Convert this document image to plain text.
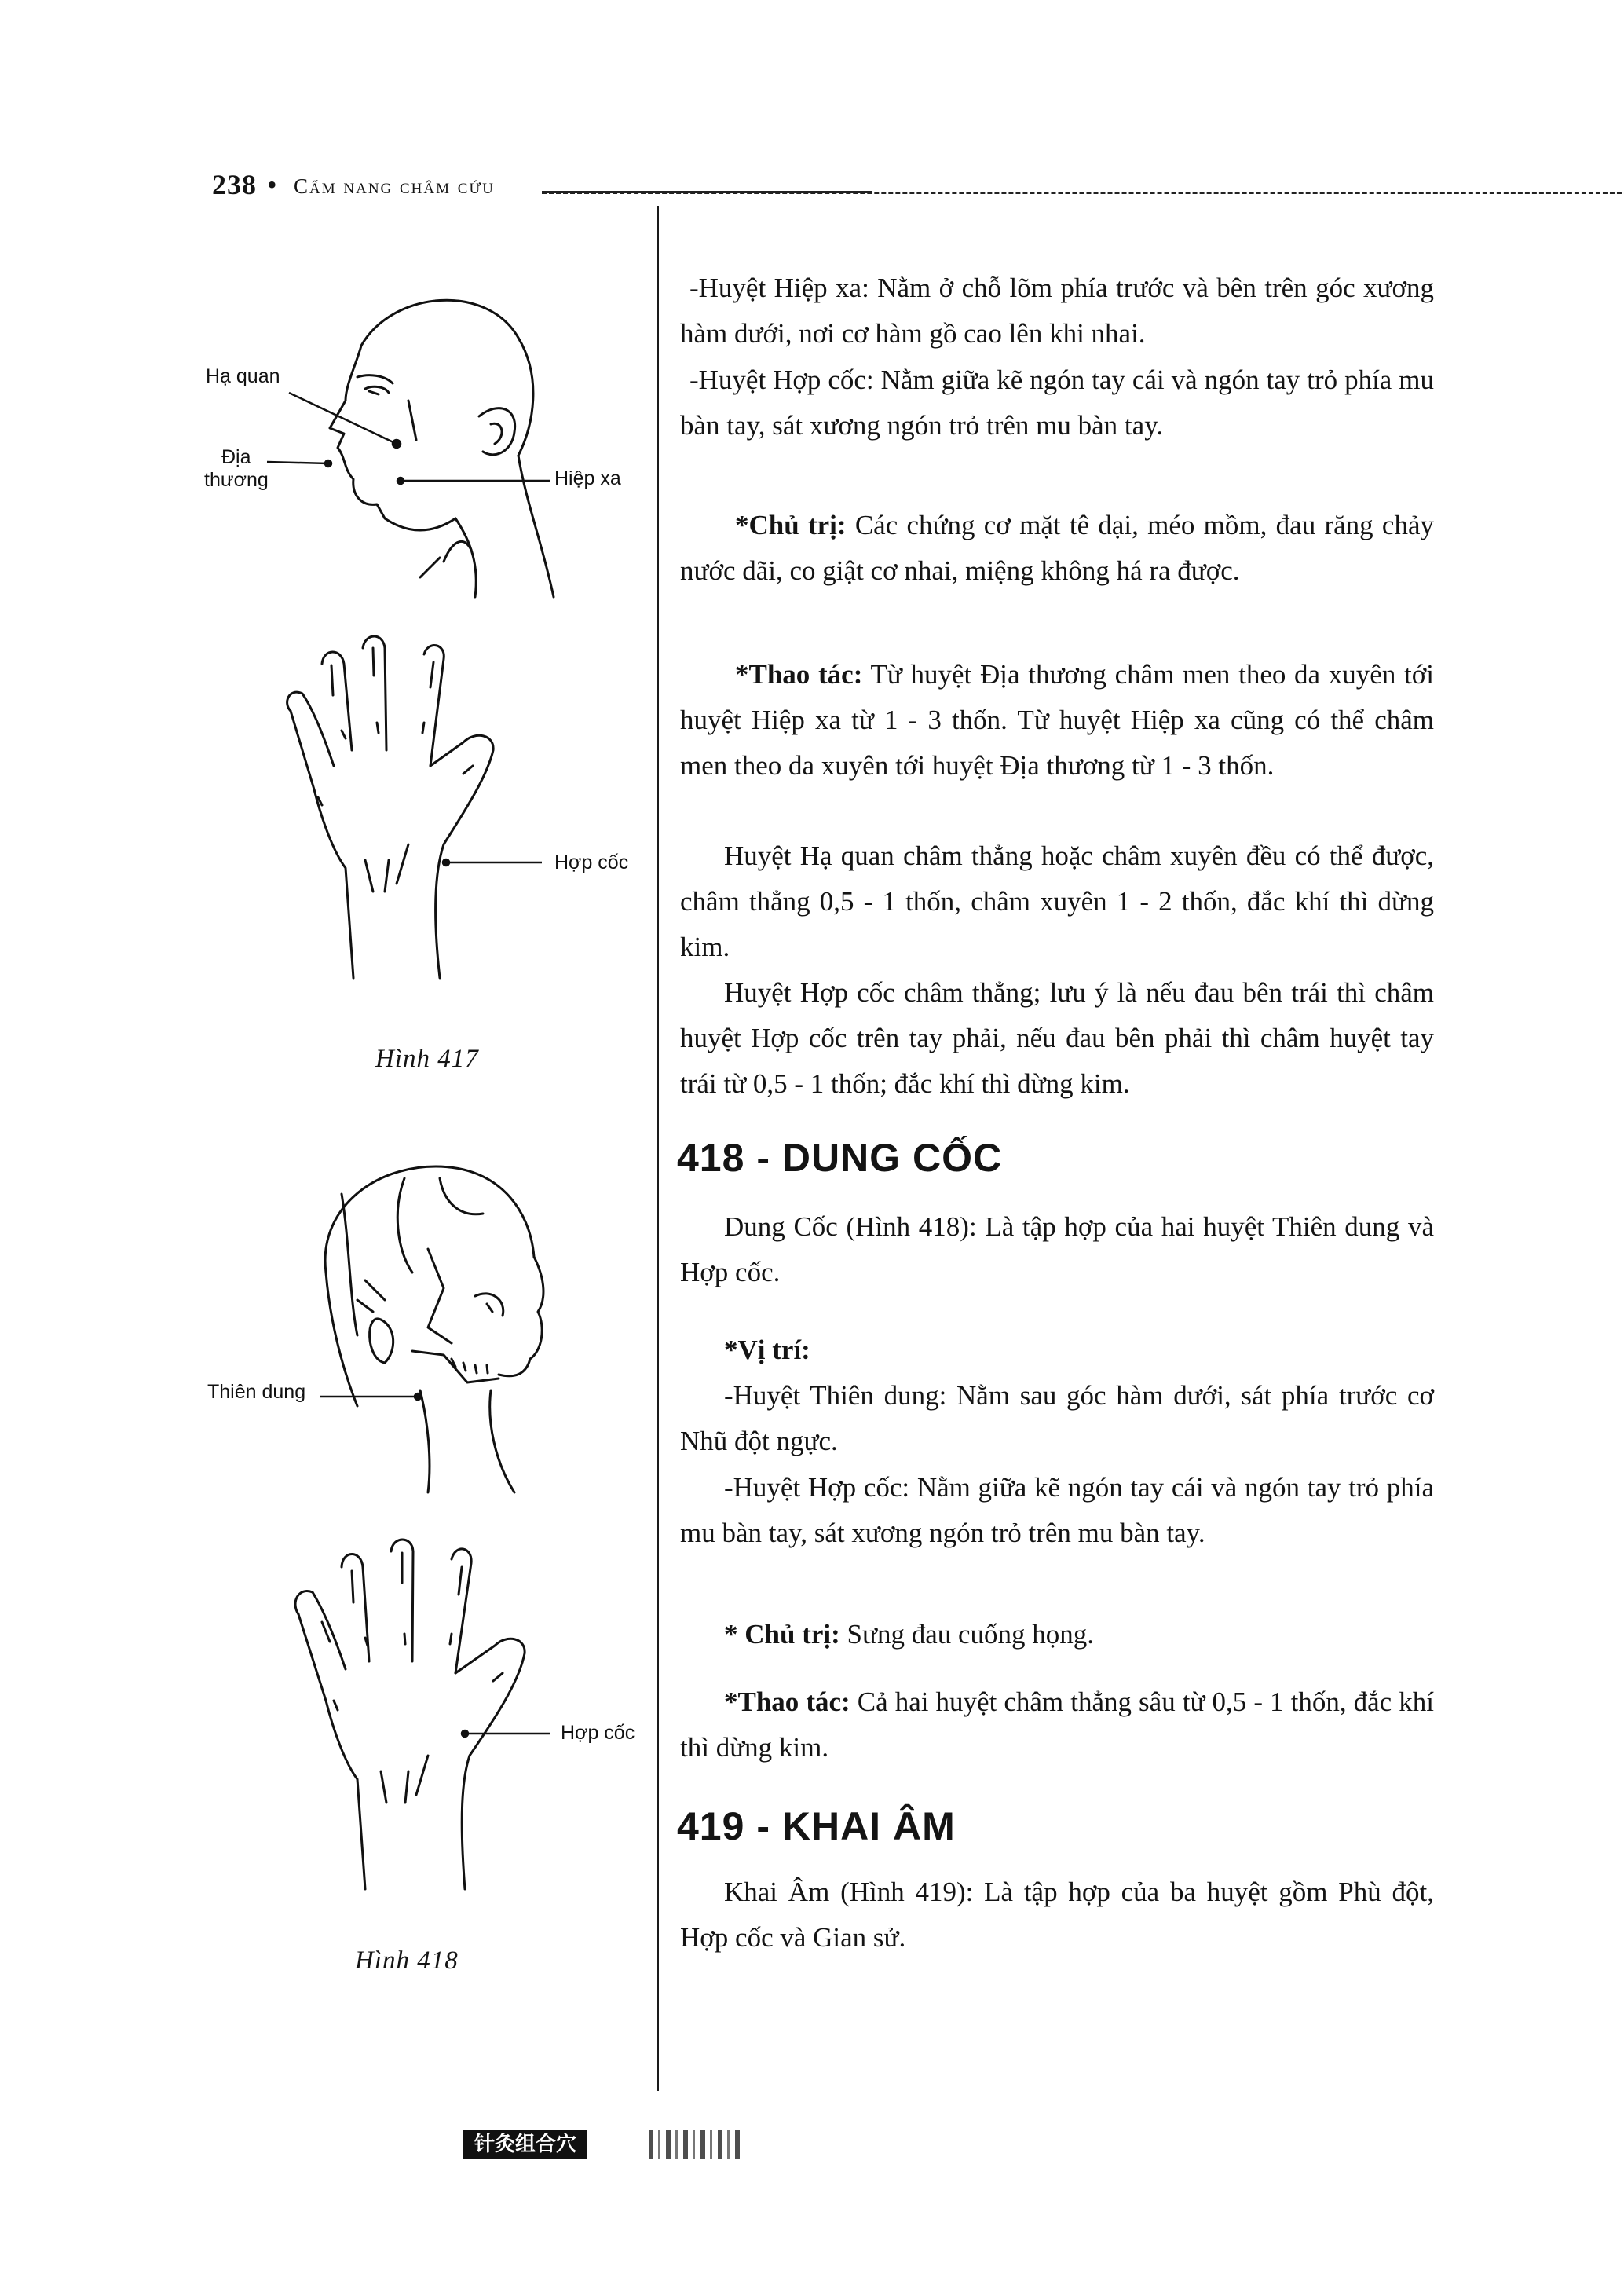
238 • Cẩm nang châm cứu
Hạ quan
Địa
thương	Hiệp xa
Hợp cốc
Hình 417
Thiên dung
Hợp cốc
Hình 418

-Huyệt Hiệp xa: Nằm ở chỗ lõm phía trước và bên trên góc xương hàm dưới, nơi cơ hàm gồ cao lên khi nhai.

-Huyệt Hợp cốc: Nằm giữa kẽ ngón tay cái và ngón tay trỏ phía mu bàn tay, sát xương ngón trỏ trên mu bàn tay.

*Chủ trị: Các chứng cơ mặt tê dại, méo mồm, đau răng chảy nước dãi, co giật cơ nhai, miệng không há ra được.

*Thao tác: Từ huyệt Địa thương châm men theo da xuyên tới huyệt Hiệp xa từ 1 - 3 thốn. Từ huyệt Hiệp xa cũng có thể châm men theo da xuyên tới huyệt Địa thương từ 1 - 3 thốn.

Huyệt Hạ quan châm thẳng hoặc châm xuyên đều có thể được, châm thẳng 0,5 - 1 thốn, châm xuyên 1 - 2 thốn, đắc khí thì dừng kim.

Huyệt Hợp cốc châm thẳng; lưu ý là nếu đau bên trái thì châm huyệt Hợp cốc trên tay phải, nếu đau bên phải thì châm huyệt tay trái từ 0,5 - 1 thốn; đắc khí thì dừng kim.

418 - DUNG CỐC

Dung Cốc (Hình 418): Là tập hợp của hai huyệt Thiên dung và Hợp cốc.

*Vị trí:

-Huyệt Thiên dung: Nằm sau góc hàm dưới, sát phía trước cơ Nhũ đột ngực.

-Huyệt Hợp cốc: Nằm giữa kẽ ngón tay cái và ngón tay trỏ phía mu bàn tay, sát xương ngón trỏ trên mu bàn tay.

* Chủ trị: Sưng đau cuống họng.

*Thao tác: Cả hai huyệt châm thẳng sâu từ 0,5 - 1 thốn, đắc khí thì dừng kim.

419 - KHAI ÂM

Khai Âm (Hình 419): Là tập hợp của ba huyệt gồm Phù đột, Hợp cốc và Gian sử.

针灸组合穴
